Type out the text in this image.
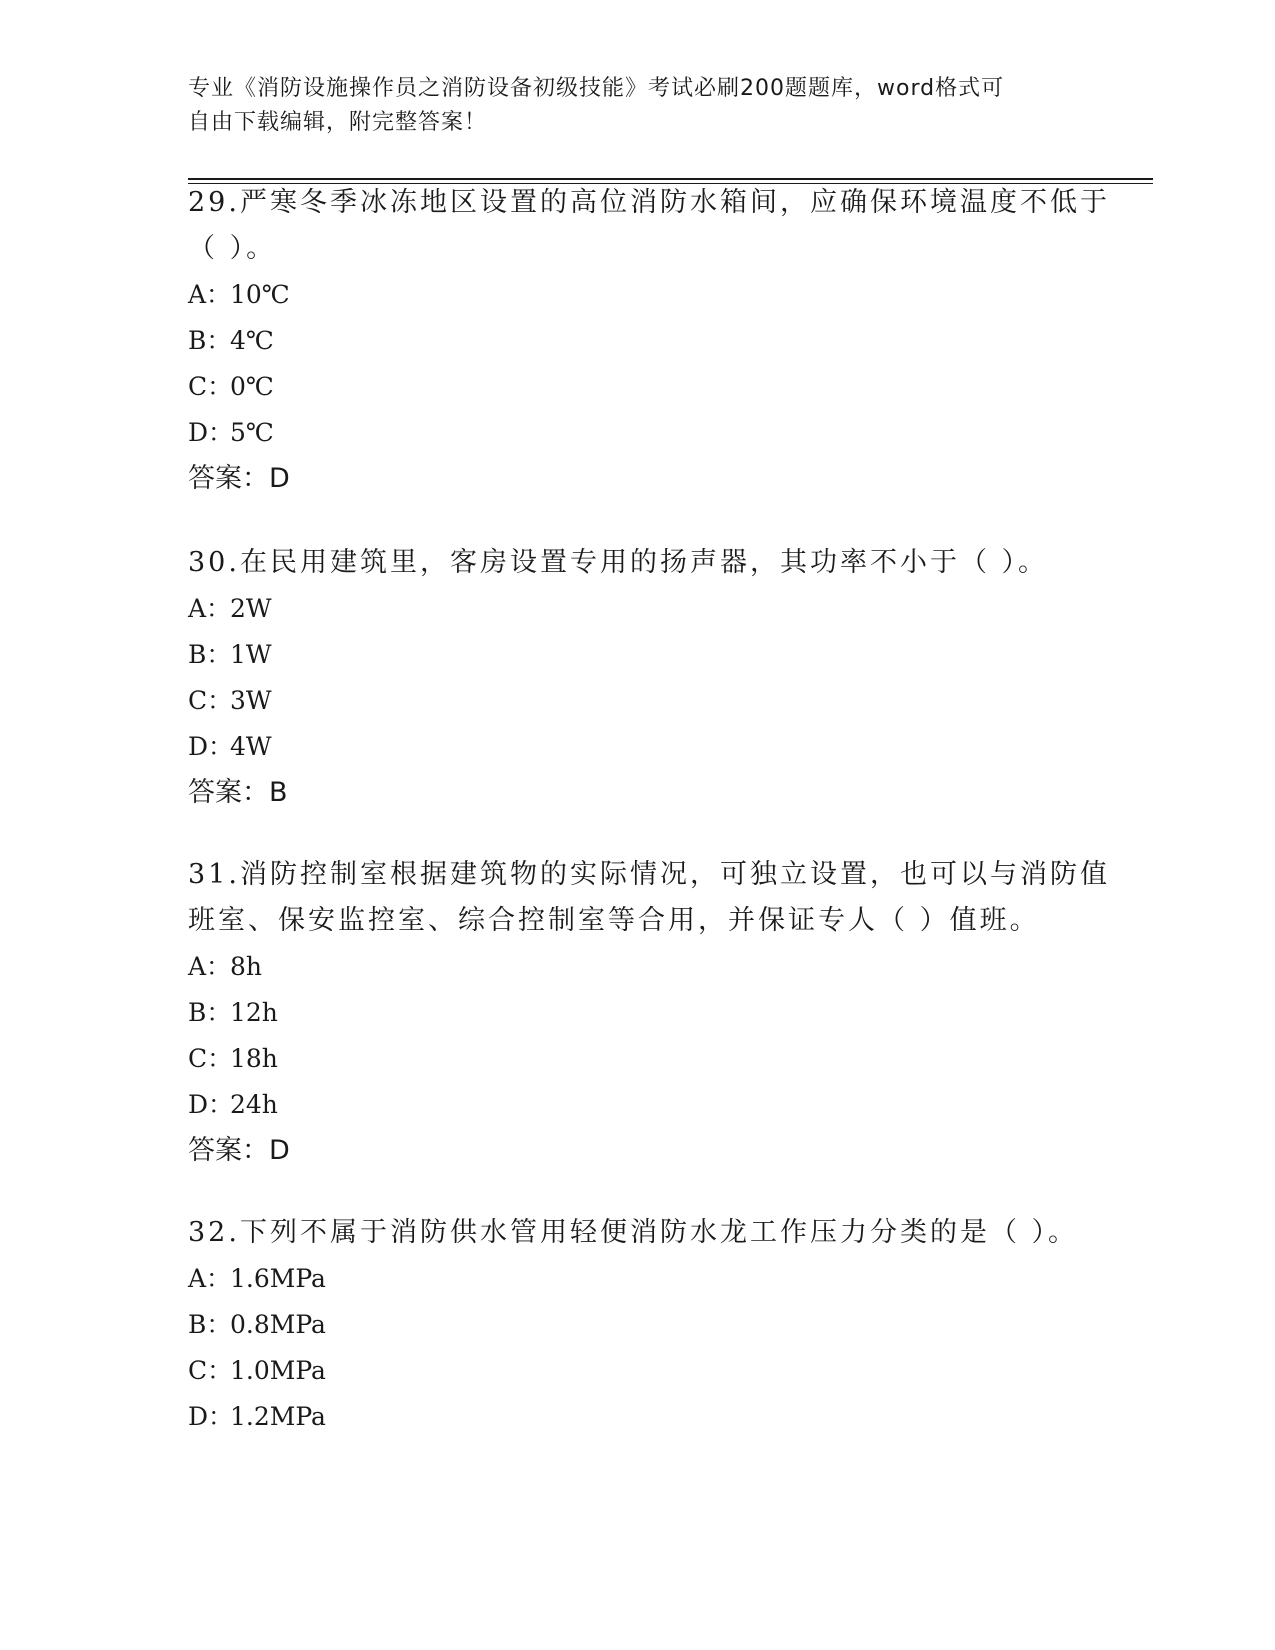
专业《消防设施操作员之消防设备初级技能》考试必刷200题题库，word格式可
自由下载编辑，附完整答案！
29.严寒冬季冰冻地区设置的高位消防水箱间，应确保环境温度不低于
（ ）。
A：10℃
B：4℃
C：0℃
D：5℃
答案：D
30.在民用建筑里，客房设置专用的扬声器，其功率不小于（ ）。
A：2W
B：1W
C：3W
D：4W
答案：B
31.消防控制室根据建筑物的实际情况，可独立设置，也可以与消防值
班室、保安监控室、综合控制室等合用，并保证专人（ ）值班。
A：8h
B：12h
C：18h
D：24h
答案：D
32.下列不属于消防供水管用轻便消防水龙工作压力分类的是（ ）。
A：1.6MPa
B：0.8MPa
C：1.0MPa
D：1.2MPa
